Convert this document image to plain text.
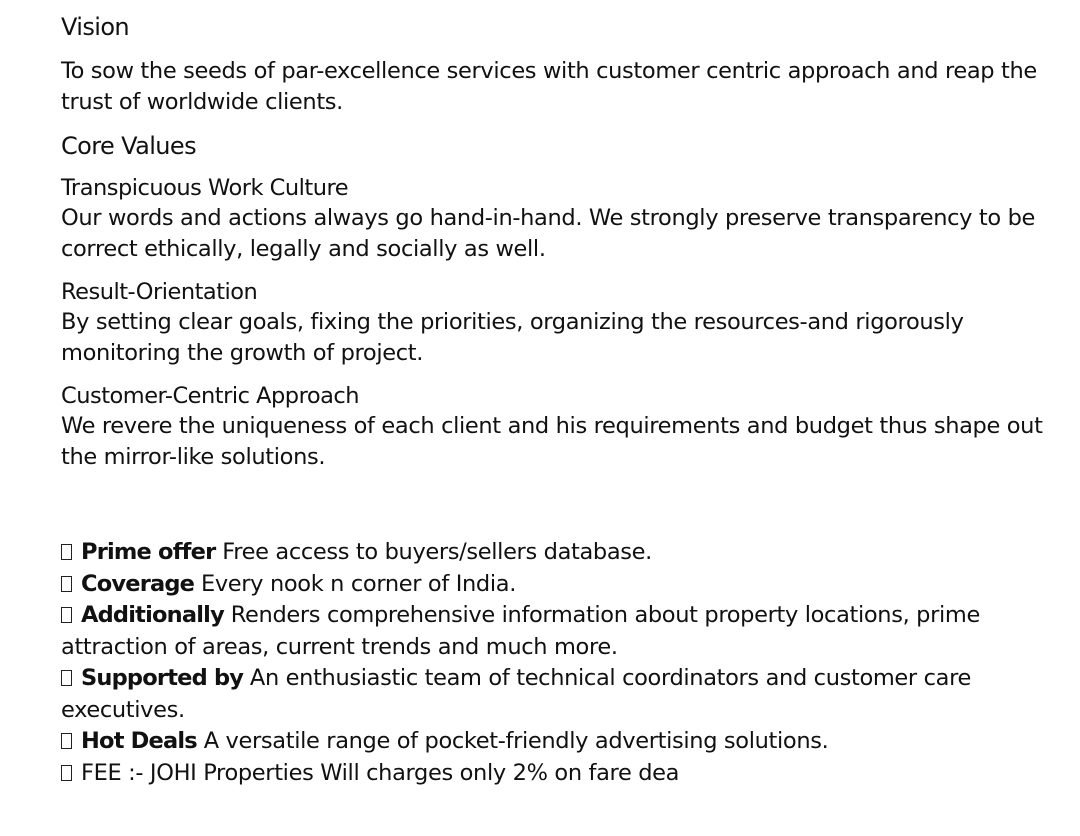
Vision

To sow the seeds of par-excellence services with customer centric approach and reap the trust of worldwide clients.

Core Values
Transpicuous Work Culture

Our words and actions always go hand-in-hand. We strongly preserve transparency to be correct ethically, legally and socially as well.

Result-Orientation

By setting clear goals, fixing the priorities, organizing the resources-and rigorously monitoring the growth of project.

Customer-Centric Approach

We revere the uniqueness of each client and his requirements and budget thus shape out the mirror-like solutions.

Prime offer Free access to buyers/sellers database.

Coverage Every nook n corner of India.

Additionally Renders comprehensive information about property locations, prime attraction of areas, current trends and much more.

Supported by An enthusiastic team of technical coordinators and customer care executives.

Hot Deals A versatile range of pocket-friendly advertising solutions.

FEE :- JOHI Properties Will charges only 2% on fare dea
